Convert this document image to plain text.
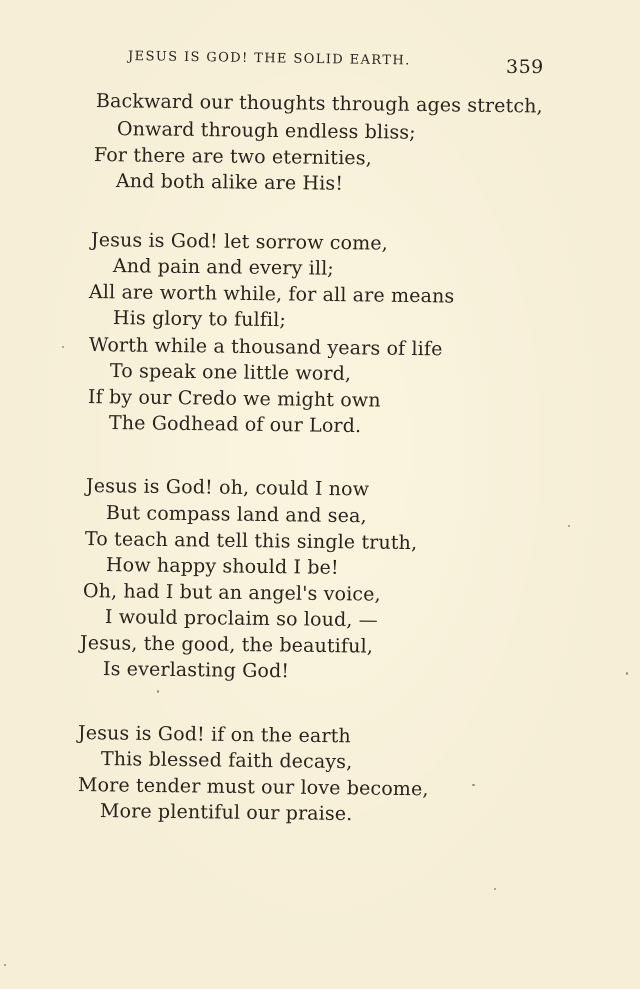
JESUS IS GOD! THE SOLID EARTH.	359
Backward our thoughts through ages stretch,
Onward through endless bliss;
For there are two eternities,
And both alike are His!
Jesus is God! let sorrow come,
And pain and every ill;
All are worth while, for all are means
His glory to fulfil;
Worth while a thousand years of life
To speak one little word,
If by our Credo we might own
The Godhead of our Lord.
Jesus is God! oh, could I now
But compass land and sea,
To teach and tell this single truth,
How happy should I be!
Oh, had I but an angel's voice,
I would proclaim so loud, —
Jesus, the good, the beautiful,
Is everlasting God!
Jesus is God! if on the earth
This blessed faith decays,
More tender must our love become,
More plentiful our praise.
